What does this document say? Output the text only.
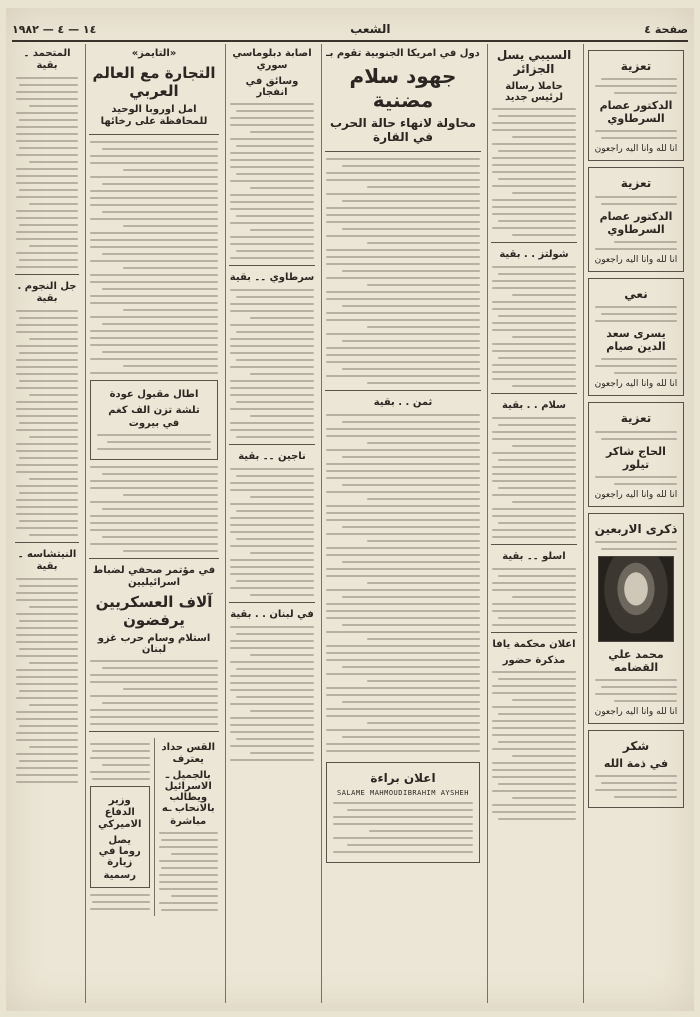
صفحة ٤
الشعب
١٤ — ٤ — ١٩٨٢
تعزية
الدكتور عصام السرطاوي
انا لله وانا اليه راجعون
تعزية
الدكتور عصام السرطاوي
انا لله وانا اليه راجعون
نعي
يسرى سعد الدين صيام
انا لله وانا اليه راجعون
تعزية
الحاج شاكر تيلور
انا لله وانا اليه راجعون
ذكرى الاربعين
محمد علي القضامه
انا لله وانا اليه راجعون
شكر
في ذمة الله
السيبي يسل الجزائر
حاملا رسالة لرئيس جديد
شولتز . . بقية
سلام . . بقية
اسلو ۔۔ بقية
اعلان محكمة يافا
مذكرة حضور
دول في امريكا الجنوبية تقوم بـ
جهود سلام مضنية
محاولة لانهاء حالة الحرب في القارة
ثمن . . بقية
اعلان براءة
SALAME MAHMOUDIBRAHIM AYSHEH
اصابة دبلوماسي سوري
وسائق في انفجار
سرطاوي ۔۔ بقية
ناجين ۔۔ بقية
في لبنان . . بقية
«التايمز»
التجارة مع العالم العربي
امل اوروبا الوحيد للمحافظة على رخائها
اطال مقبول عودة
تلشة تزن الف كغم
في بيروت
في مؤتمر صحفي لضباط اسرائيليين
آلاف العسكريين يرفضون
استلام وسام حرب غزو لبنان
القس حداد يعترف
بالجميل ـ الاسرائيل ويطالب بالانحاب ـه
مباشرة
وزير الدفاع الاميركي
يصل روما في زيارة
رسمية
المتحمد ۔ بقية
جل النجوم . بقية
النيتشاسه ۔ بقية
